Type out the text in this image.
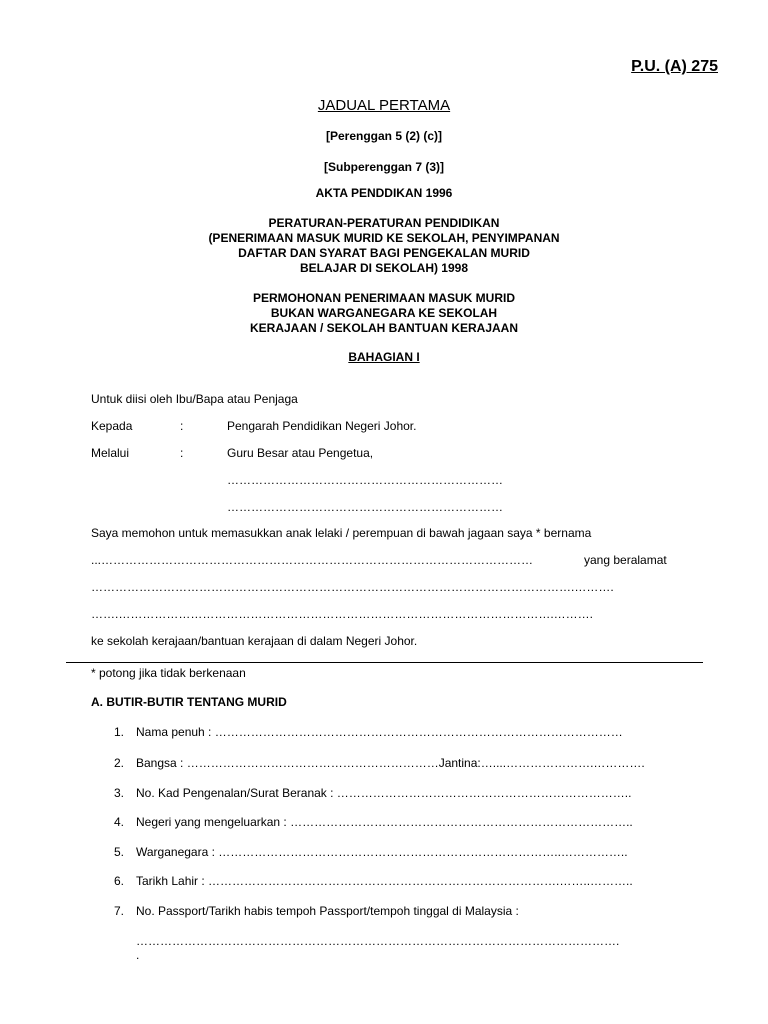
P.U. (A) 275
JADUAL PERTAMA
[Perenggan 5 (2) (c)]
[Subperenggan 7 (3)]
AKTA PENDDIKAN 1996
PERATURAN-PERATURAN PENDIDIKAN
(PENERIMAAN MASUK MURID KE SEKOLAH, PENYIMPANAN
DAFTAR DAN SYARAT BAGI PENGEKALAN MURID
BELAJAR DI SEKOLAH) 1998
PERMOHONAN PENERIMAAN MASUK MURID
BUKAN WARGANEGARA KE SEKOLAH
KERAJAAN / SEKOLAH BANTUAN KERAJAAN
BAHAGIAN I
Untuk diisi oleh Ibu/Bapa atau Penjaga
Kepada	:	Pengarah Pendidikan Negeri Johor.
Melalui	:	Guru Besar atau Pengetua,
……………………………………………………………
……………………………………………………………
Saya memohon untuk memasukkan anak lelaki / perempuan di bawah jagaan saya * bernama
...………………………………………………………………………………………………	yang beralamat
………………………………………………………………………………………………………….……….
…….……………………………………………………………………………………………….……….
ke sekolah kerajaan/bantuan kerajaan di dalam Negeri Johor.
* potong jika tidak berkenaan
A. BUTIR-BUTIR TENTANG MURID
1. Nama penuh : …………………………………………………………………………………………
2. Bangsa : ………………………………………………………Jantina:…....………………….………….
3. No. Kad Pengenalan/Surat Beranak : ………………………………………………………………..
4. Negeri yang mengeluarkan : …………………………………………………………………………..
5. Warganegara : …………………………………………………………………………..……………..
6. Tarikh Lahir : …………………………………………………………………………….……..………..
7. No. Passport/Tarikh habis tempoh Passport/tempoh tinggal di Malaysia :
………………………………………………………………………………………………………….
.
